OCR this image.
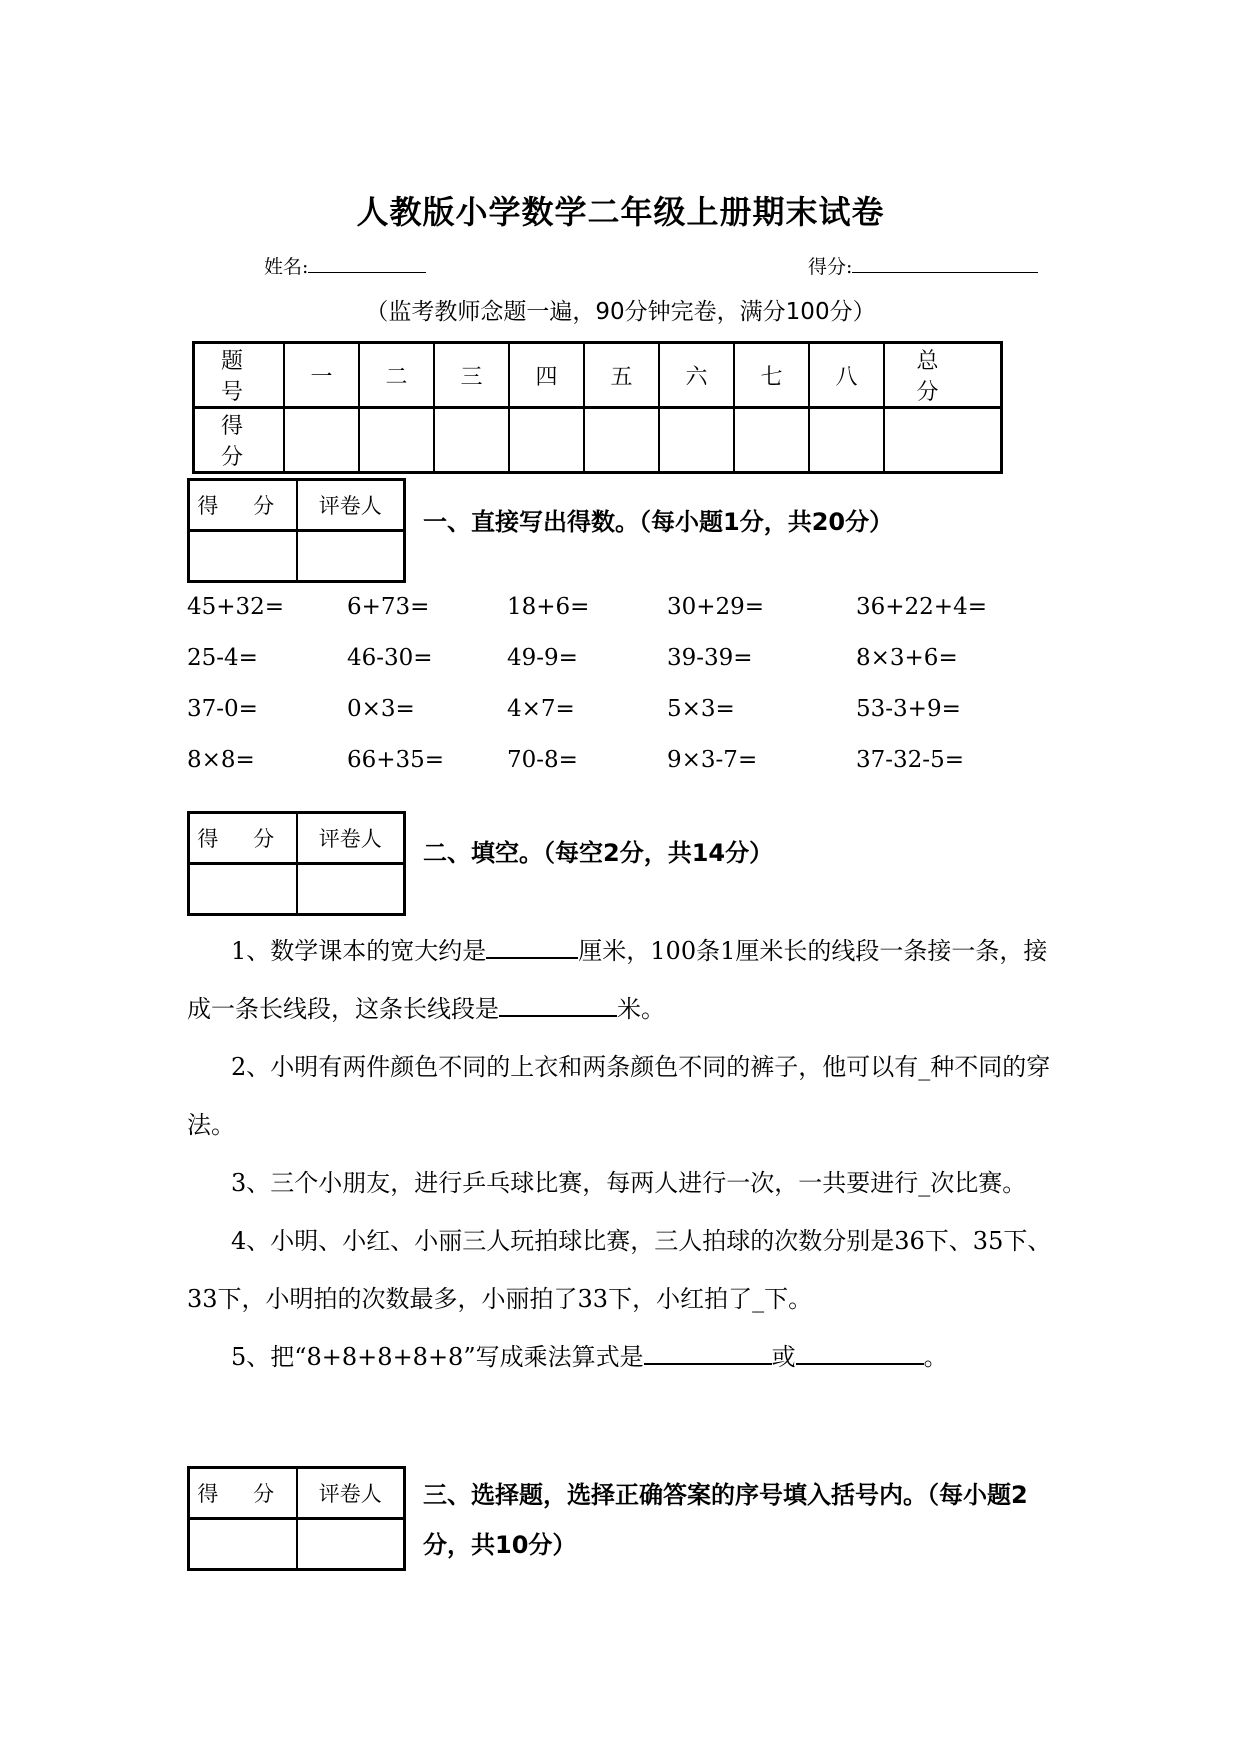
人教版小学数学二年级上册期末试卷
姓名:	得分:
（监考教师念题一遍，90分钟完卷，满分100分）
题 号	一	二	三	四	五	六	七	八	总 分
得 分									
得 分	评卷人

一、直接写出得数。（每小题1分，共20分）
45+32=	6+73=	18+6=	30+29=	36+22+4=
25-4=	46-30=	49-9=	39-39=	8×3+6=
37-0=	0×3=	4×7=	5×3=	53-3+9=
8×8=	66+35=	70-8=	9×3-7=	37-32-5=
得 分	评卷人
	二、填空。（每空2分，共14分）

1、数学课本的宽大约是	厘米，100条1厘米长的线段一条接一条，接成一条长线段，这条长线段是	米。

2、小明有两件颜色不同的上衣和两条颜色不同的裤子，他可以有_种不同的穿法。

3、三个小朋友，进行乒乓球比赛，每两人进行一次，一共要进行_次比赛。

4、小明、小红、小丽三人玩拍球比赛，三人拍球的次数分别是36下、35下、33下，小明拍的次数最多，小丽拍了33下，小红拍了_下。

5、把“8+8+8+8+8”写成乘法算式是	或	。

得 分	评卷人
	三、选择题，选择正确答案的序号填入括号内。（每小题2分，共10分）
